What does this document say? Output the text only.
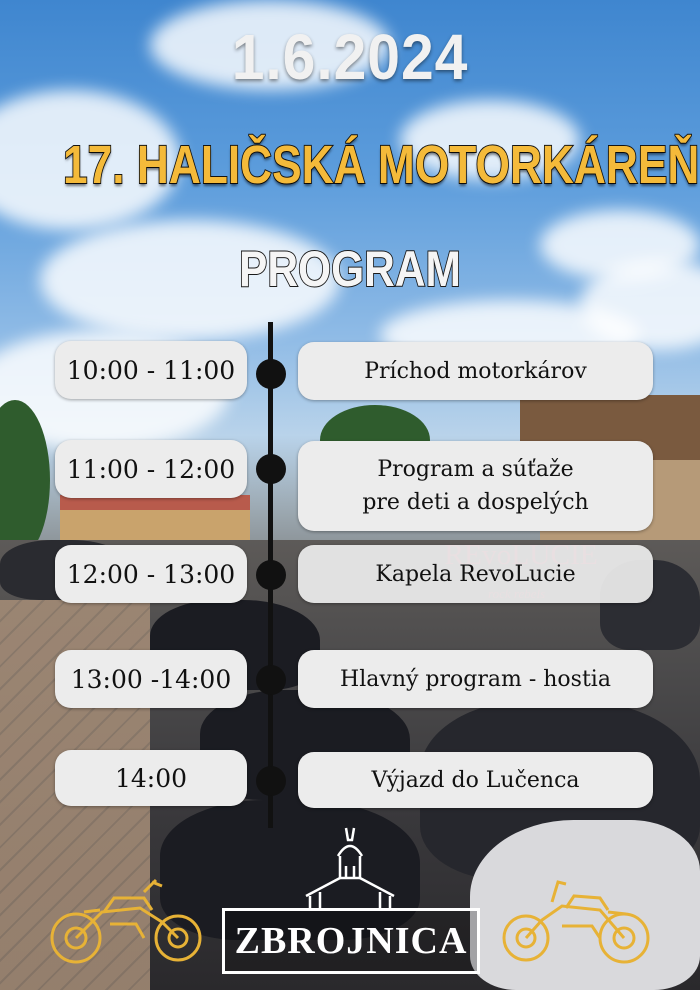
1.6.2024
17. HALIČSKÁ MOTORKÁREŇ
PROGRAM
10:00 - 11:00	Príchod motorkárov
11:00 - 12:00	Program a súťaže
pre deti a dospelých
12:00 - 13:00	Kapela RevoLucie
13:00 -14:00	Hlavný program - hostia
14:00	Výjazd do Lučenca
ZBROJNICA
